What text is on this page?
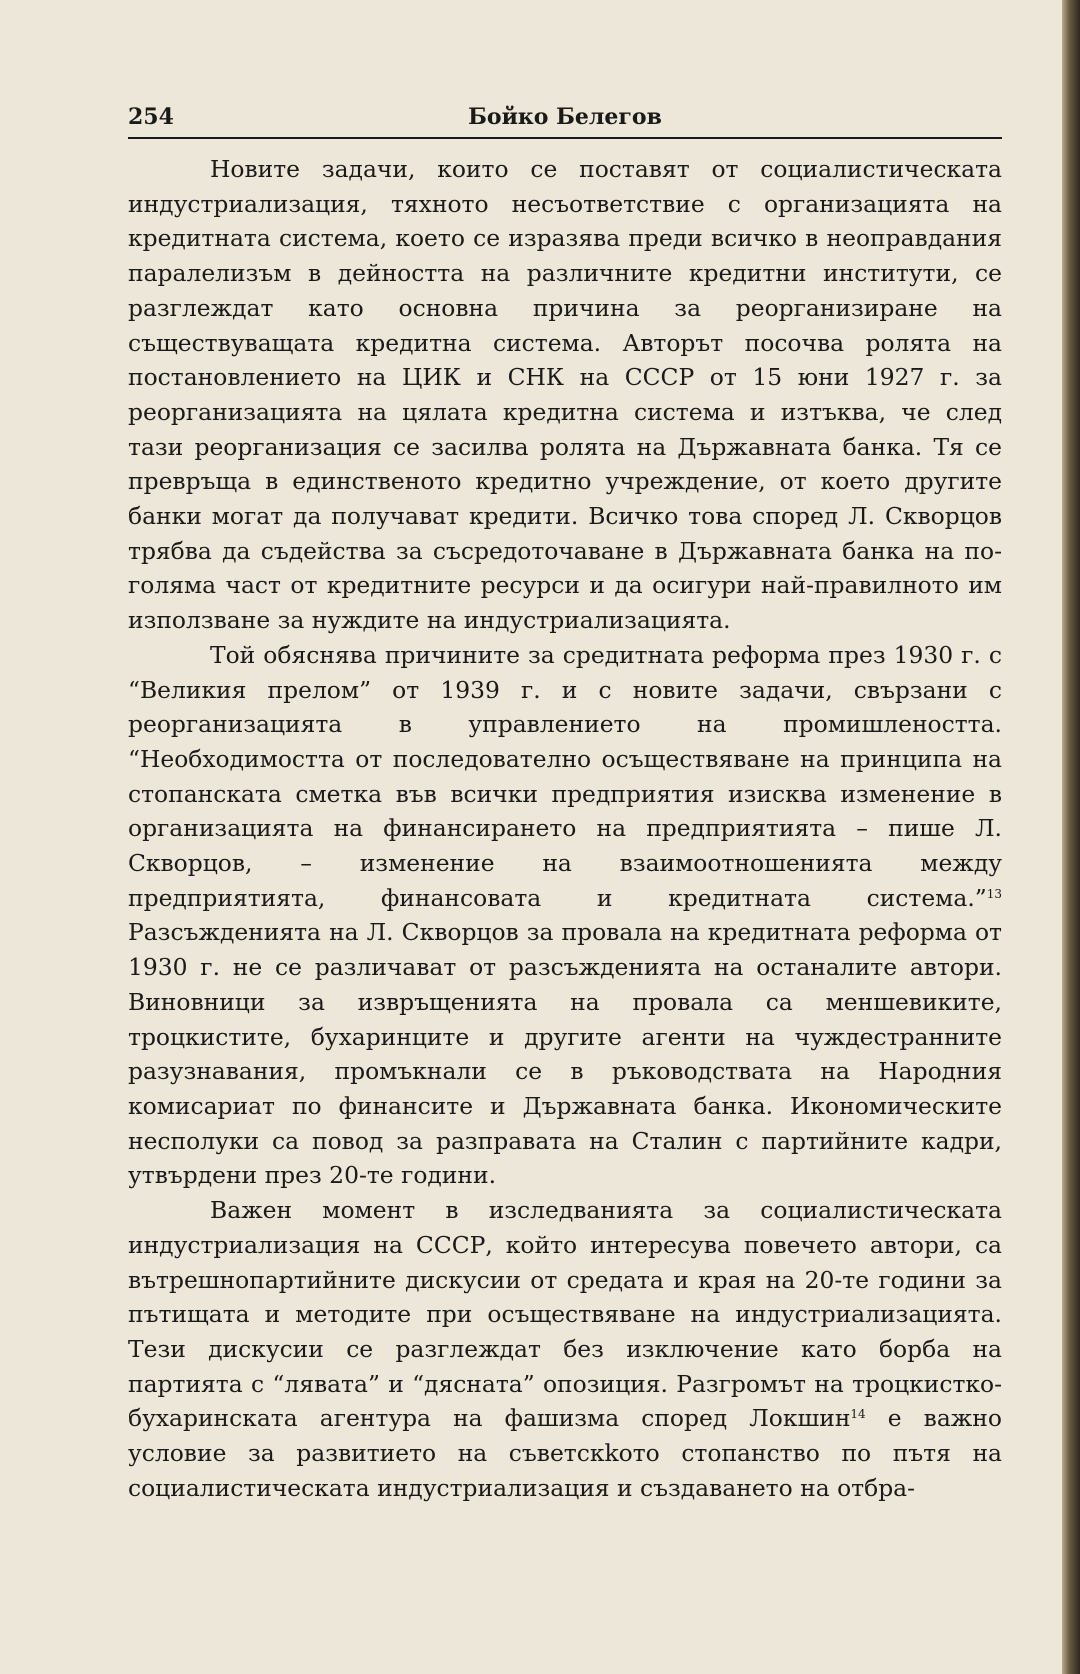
254	Бойко Белегов

Новите задачи, които се поставят от социалистическата индустриализация, тяхното несъответствие с организацията на кредитната система, което се изразява преди всичко в неоправдания паралелизъм в дейността на различните кредитни институти, се разглеждат като основна причина за реорганизиране на съществуващата кредитна система. Авторът посочва ролята на постановлението на ЦИК и СНК на СССР от 15 юни 1927 г. за реорганизацията на цялата кредитна система и изтъква, че след тази реорганизация се засилва ролята на Държавната банка. Тя се превръща в единственото кредитно учреждение, от което другите банки могат да получават кредити. Всичко това според Л. Скворцов трябва да съдейства за съсредоточаване в Държавната банка на по-голяма част от кредитните ресурси и да осигури най-правилното им използване за нуждите на индустриализацията.

Той обяснява причините за средитната реформа през 1930 г. с “Великия прелом” от 1939 г. и с новите задачи, свързани с реорганизацията в управлението на промишлеността. “Необходимостта от последователно осъществяване на принципа на стопанската сметка във всички предприятия изисква изменение в организацията на финансирането на предприятията – пише Л. Скворцов, – изменение на взаимоотношенията между предприятията, финансовата и кредитната система.”$^{13}$ Разсъжденията на Л. Скворцов за провала на кредитната реформа от 1930 г. не се различават от разсъжденията на останалите автори. Виновници за извръщенията на провала са меншевиките, троцкистите, бухаринците и другите агенти на чуждестранните разузнавания, промъкнали се в ръководствата на Народния комисариат по финансите и Държавната банка. Икономическите несполуки са повод за разправата на Сталин с партийните кадри, утвърдени през 20-те години.

Важен момент в изследванията за социалистическата индустриализация на СССР, който интересува повечето автори, са вътрешнопартийните дискусии от средата и края на 20-те години за пътищата и методите при осъществяване на индустриализацията. Тези дискусии се разглеждат без изключение като борба на партията с “лявата” и “дясната” опозиция. Разгромът на троцкистко-бухаринската агентура на фашизма според Локшин$^{14}$ е важно условие за развитието на съветскkото стопанство по пътя на социалистическата индустриализация и създаването на отбра-
